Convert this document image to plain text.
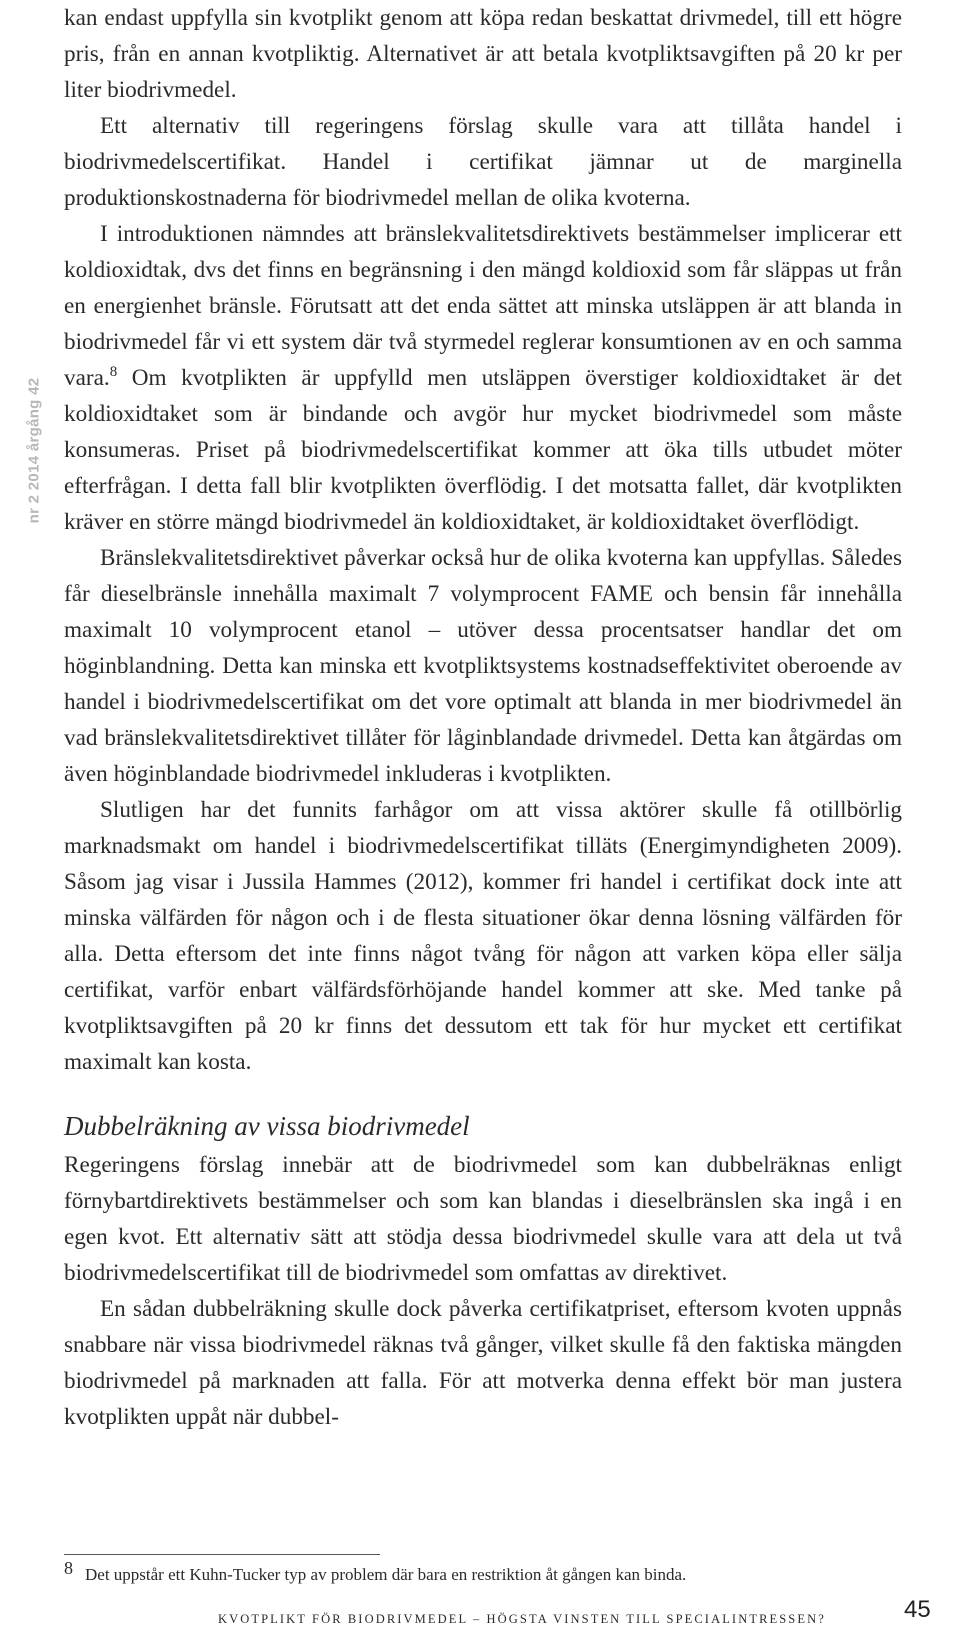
nr 2 2014 årgång 42

kan endast uppfylla sin kvotplikt genom att köpa redan beskattat drivmedel, till ett högre pris, från en annan kvotpliktig. Alternativet är att betala kvotpliktsavgiften på 20 kr per liter biodrivmedel.

Ett alternativ till regeringens förslag skulle vara att tillåta handel i biodrivmedelscertifikat. Handel i certifikat jämnar ut de marginella produktionskostnaderna för biodrivmedel mellan de olika kvoterna.

I introduktionen nämndes att bränslekvalitetsdirektivets bestämmelser implicerar ett koldioxidtak, dvs det finns en begränsning i den mängd koldioxid som får släppas ut från en energienhet bränsle. Förutsatt att det enda sättet att minska utsläppen är att blanda in biodrivmedel får vi ett system där två styrmedel reglerar konsumtionen av en och samma vara.$^8$ Om kvotplikten är uppfylld men utsläppen överstiger koldioxidtaket är det koldioxidtaket som är bindande och avgör hur mycket biodrivmedel som måste konsumeras. Priset på biodrivmedelscertifikat kommer att öka tills utbudet möter efterfrågan. I detta fall blir kvotplikten överflödig. I det motsatta fallet, där kvotplikten kräver en större mängd biodrivmedel än koldioxidtaket, är koldioxidtaket överflödigt.

Bränslekvalitetsdirektivet påverkar också hur de olika kvoterna kan uppfyllas. Således får dieselbränsle innehålla maximalt 7 volymprocent FAME och bensin får innehålla maximalt 10 volymprocent etanol – utöver dessa procentsatser handlar det om höginblandning. Detta kan minska ett kvotpliktsystems kostnadseffektivitet oberoende av handel i biodrivmedelscertifikat om det vore optimalt att blanda in mer biodrivmedel än vad bränslekvalitetsdirektivet tillåter för låginblandade drivmedel. Detta kan åtgärdas om även höginblandade biodrivmedel inkluderas i kvotplikten.

Slutligen har det funnits farhågor om att vissa aktörer skulle få otillbörlig marknadsmakt om handel i biodrivmedelscertifikat tilläts (Energimyndigheten 2009). Såsom jag visar i Jussila Hammes (2012), kommer fri handel i certifikat dock inte att minska välfärden för någon och i de flesta situationer ökar denna lösning välfärden för alla. Detta eftersom det inte finns något tvång för någon att varken köpa eller sälja certifikat, varför enbart välfärdsförhöjande handel kommer att ske. Med tanke på kvotpliktsavgiften på 20 kr finns det dessutom ett tak för hur mycket ett certifikat maximalt kan kosta.

Dubbelräkning av vissa biodrivmedel

Regeringens förslag innebär att de biodrivmedel som kan dubbelräknas enligt förnybartdirektivets bestämmelser och som kan blandas i dieselbränslen ska ingå i en egen kvot. Ett alternativ sätt att stödja dessa biodrivmedel skulle vara att dela ut två biodrivmedelscertifikat till de biodrivmedel som omfattas av direktivet.

En sådan dubbelräkning skulle dock påverka certifikatpriset, eftersom kvoten uppnås snabbare när vissa biodrivmedel räknas två gånger, vilket skulle få den faktiska mängden biodrivmedel på marknaden att falla. För att motverka denna effekt bör man justera kvotplikten uppåt när dubbel-

8 Det uppstår ett Kuhn-Tucker typ av problem där bara en restriktion åt gången kan binda.
KVOTPLIKT FÖR BIODRIVMEDEL – HÖGSTA VINSTEN TILL SPECIALINTRESSEN?	45
